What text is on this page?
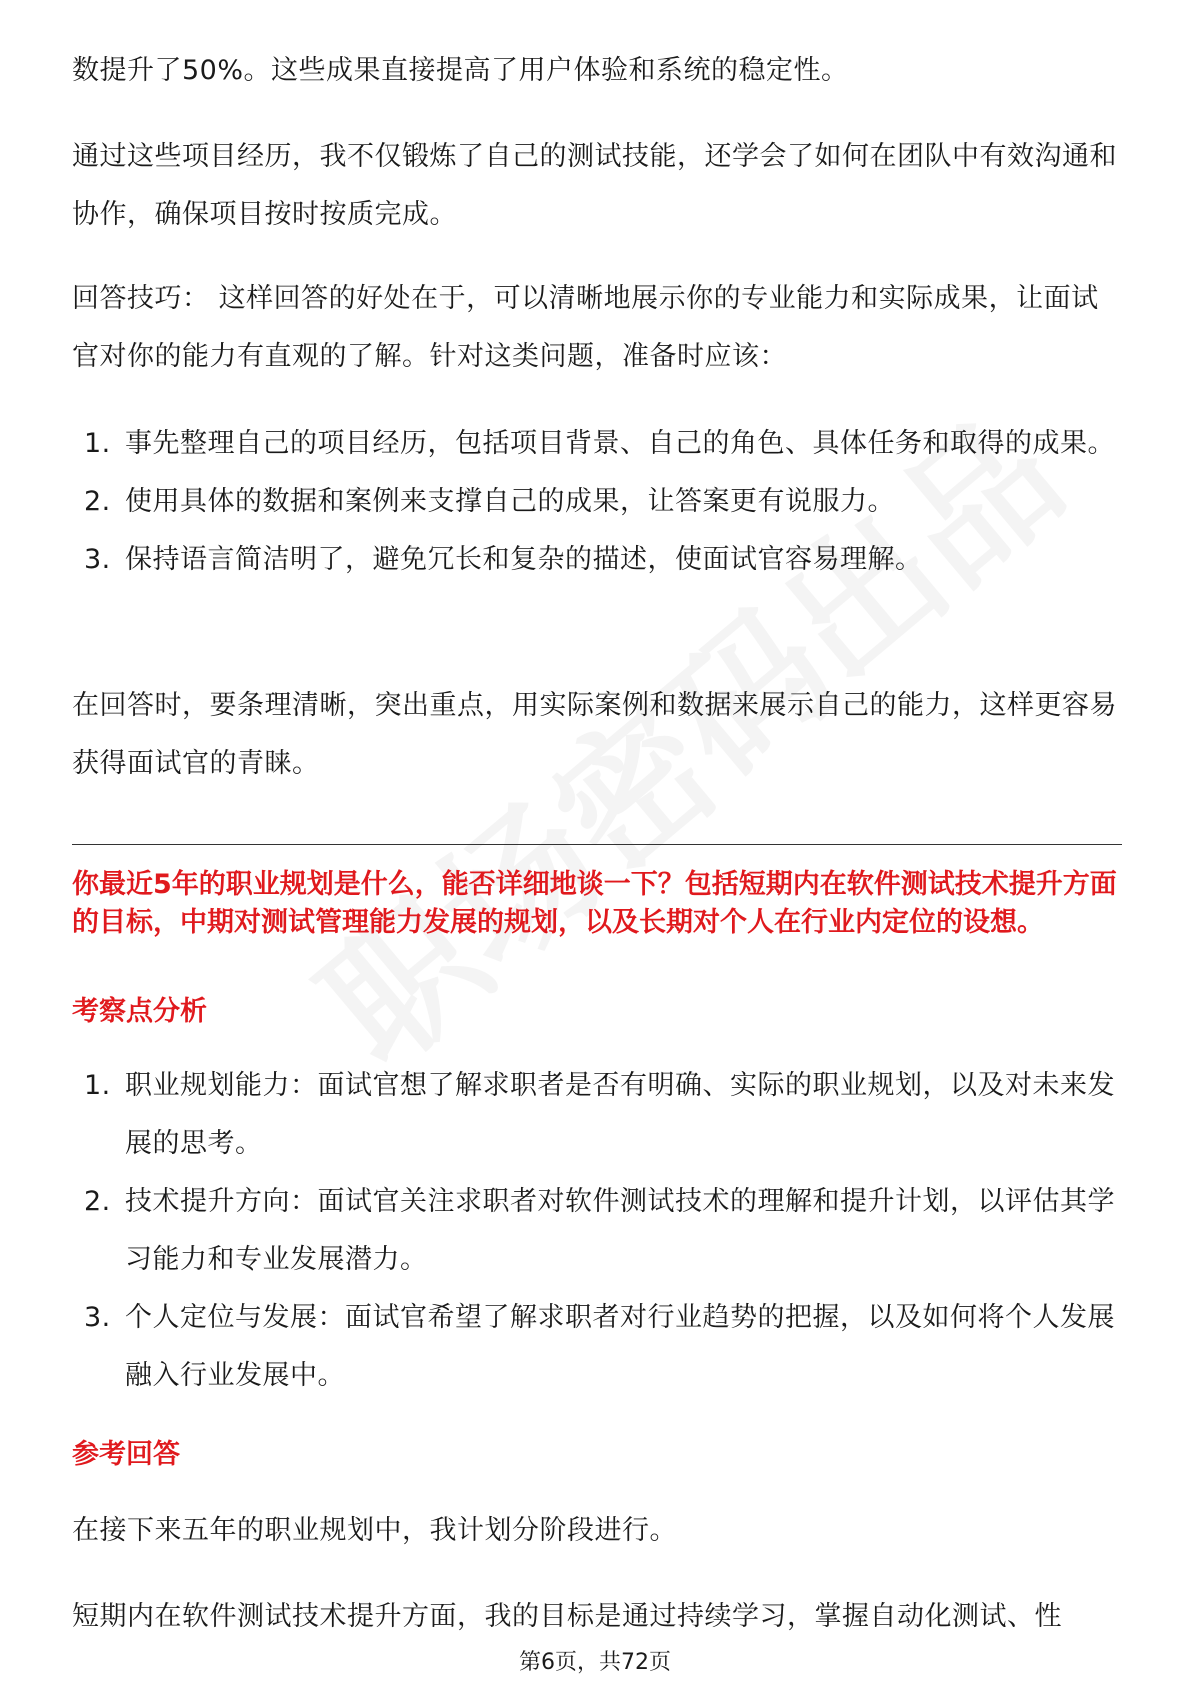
数提升了50%。这些成果直接提高了用户体验和系统的稳定性。

通过这些项目经历，我不仅锻炼了自己的测试技能，还学会了如何在团队中有效沟通和协作，确保项目按时按质完成。

回答技巧： 这样回答的好处在于，可以清晰地展示你的专业能力和实际成果，让面试官对你的能力有直观的了解。针对这类问题，准备时应该：

1. 事先整理自己的项目经历，包括项目背景、自己的角色、具体任务和取得的成果。
2. 使用具体的数据和案例来支撑自己的成果，让答案更有说服力。
3. 保持语言简洁明了，避免冗长和复杂的描述，使面试官容易理解。

在回答时，要条理清晰，突出重点，用实际案例和数据来展示自己的能力，这样更容易获得面试官的青睐。

你最近5年的职业规划是什么，能否详细地谈一下？包括短期内在软件测试技术提升方面的目标，中期对测试管理能力发展的规划，以及长期对个人在行业内定位的设想。

考察点分析

1. 职业规划能力：面试官想了解求职者是否有明确、实际的职业规划，以及对未来发展的思考。
2. 技术提升方向：面试官关注求职者对软件测试技术的理解和提升计划，以评估其学习能力和专业发展潜力。
3. 个人定位与发展：面试官希望了解求职者对行业趋势的把握，以及如何将个人发展融入行业发展中。

参考回答

在接下来五年的职业规划中，我计划分阶段进行。

短期内在软件测试技术提升方面，我的目标是通过持续学习，掌握自动化测试、性

第6页，共72页
